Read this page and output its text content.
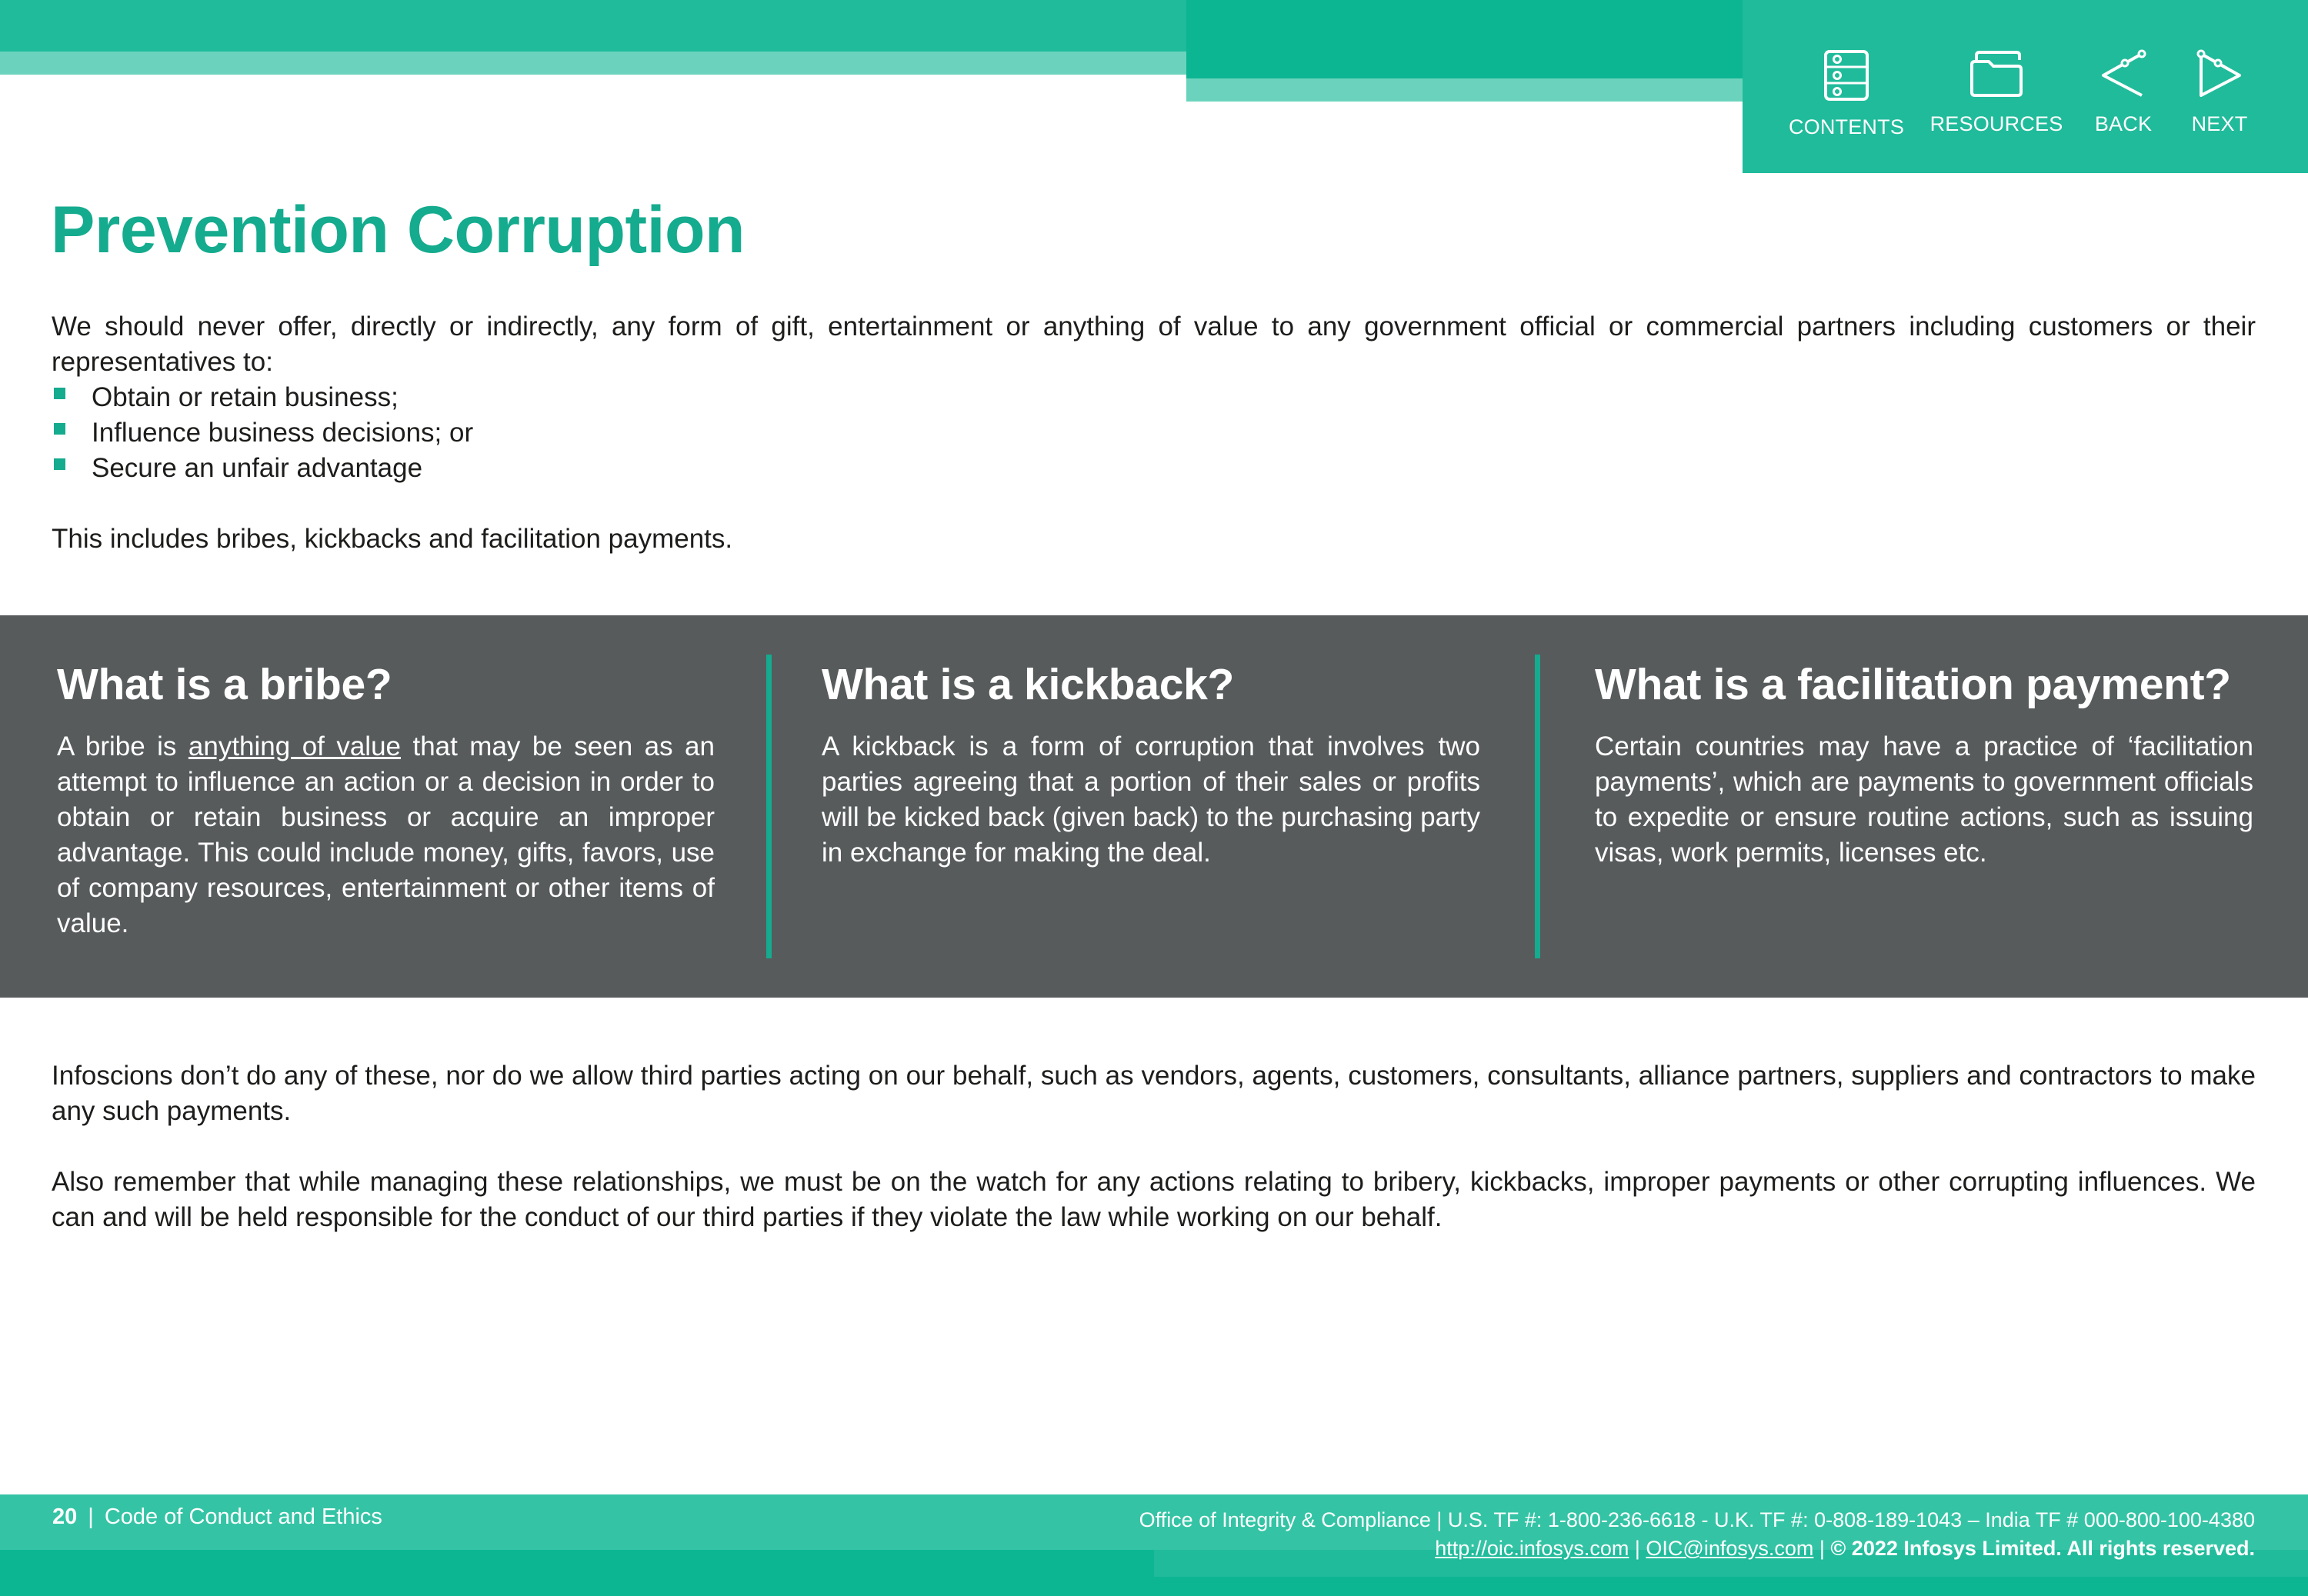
CONTENTS	RESOURCES	BACK	NEXT
Prevention Corruption

We should never offer, directly or indirectly, any form of gift, entertainment or anything of value to any government official or commercial partners including customers or their representatives to:

Obtain or retain business;
Influence business decisions; or
Secure an unfair advantage

This includes bribes, kickbacks and facilitation payments.

What is a bribe?

A bribe is anything of value that may be seen as an attempt to influence an action or a decision in order to obtain or retain business or acquire an improper advantage. This could include money, gifts, favors, use of company resources, entertainment or other items of value.

What is a kickback?

A kickback is a form of corruption that involves two parties agreeing that a portion of their sales or profits will be kicked back (given back) to the purchasing party in exchange for making the deal.

What is a facilitation payment?

Certain countries may have a practice of ‘facilitation payments’, which are payments to government officials to expedite or ensure routine actions, such as issuing visas, work permits, licenses etc.

Infoscions don’t do any of these, nor do we allow third parties acting on our behalf, such as vendors, agents, customers, consultants, alliance partners, suppliers and contractors to make any such payments.

Also remember that while managing these relationships, we must be on the watch for any actions relating to bribery, kickbacks, improper payments or other corrupting influences. We can and will be held responsible for the conduct of our third parties if they violate the law while working on our behalf.

20 | Code of Conduct and Ethics	Office of Integrity & Compliance | U.S. TF #: 1-800-236-6618 - U.K. TF #: 0-808-189-1043 – India TF # 000-800-100-4380
http://oic.infosys.com | OIC@infosys.com | © 2022 Infosys Limited. All rights reserved.
